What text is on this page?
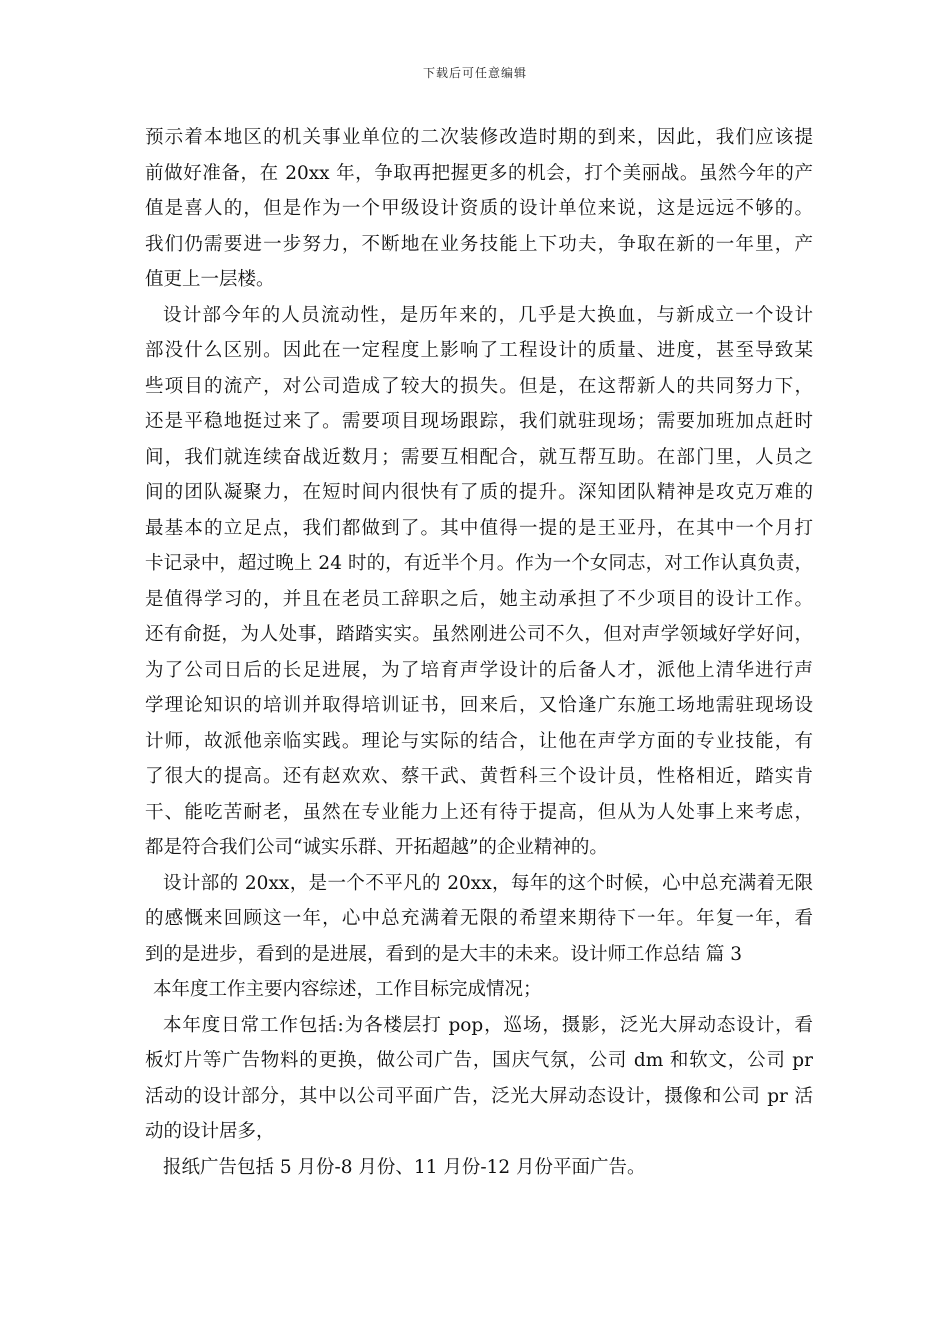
下载后可任意编辑
预示着本地区的机关事业单位的二次装修改造时期的到来，因此，我们应该提
前做好准备，在 20xx 年，争取再把握更多的机会，打个美丽战。虽然今年的产
值是喜人的，但是作为一个甲级设计资质的设计单位来说，这是远远不够的。
我们仍需要进一步努力，不断地在业务技能上下功夫，争取在新的一年里，产
值更上一层楼。
设计部今年的人员流动性，是历年来的，几乎是大换血，与新成立一个设计
部没什么区别。因此在一定程度上影响了工程设计的质量、进度，甚至导致某
些项目的流产，对公司造成了较大的损失。但是，在这帮新人的共同努力下，
还是平稳地挺过来了。需要项目现场跟踪，我们就驻现场；需要加班加点赶时
间，我们就连续奋战近数月；需要互相配合，就互帮互助。在部门里，人员之
间的团队凝聚力，在短时间内很快有了质的提升。深知团队精神是攻克万难的
最基本的立足点，我们都做到了。其中值得一提的是王亚丹，在其中一个月打
卡记录中，超过晚上 24 时的，有近半个月。作为一个女同志，对工作认真负责，
是值得学习的，并且在老员工辞职之后，她主动承担了不少项目的设计工作。
还有俞挺，为人处事，踏踏实实。虽然刚进公司不久，但对声学领域好学好问，
为了公司日后的长足进展，为了培育声学设计的后备人才，派他上清华进行声
学理论知识的培训并取得培训证书，回来后，又恰逢广东施工场地需驻现场设
计师，故派他亲临实践。理论与实际的结合，让他在声学方面的专业技能，有
了很大的提高。还有赵欢欢、蔡干武、黄哲科三个设计员，性格相近，踏实肯
干、能吃苦耐老，虽然在专业能力上还有待于提高，但从为人处事上来考虑，
都是符合我们公司“诚实乐群、开拓超越”的企业精神的。
设计部的 20xx，是一个不平凡的 20xx，每年的这个时候，心中总充满着无限
的感慨来回顾这一年，心中总充满着无限的希望来期待下一年。年复一年，看
到的是进步，看到的是进展，看到的是大丰的未来。设计师工作总结 篇 3
本年度工作主要内容综述，工作目标完成情况；
本年度日常工作包括:为各楼层打 pop，巡场，摄影，泛光大屏动态设计，看
板灯片等广告物料的更换，做公司广告，国庆气氛，公司 dm 和软文，公司 pr
活动的设计部分，其中以公司平面广告，泛光大屏动态设计，摄像和公司 pr 活
动的设计居多，
报纸广告包括 5 月份-8 月份、11 月份-12 月份平面广告。
